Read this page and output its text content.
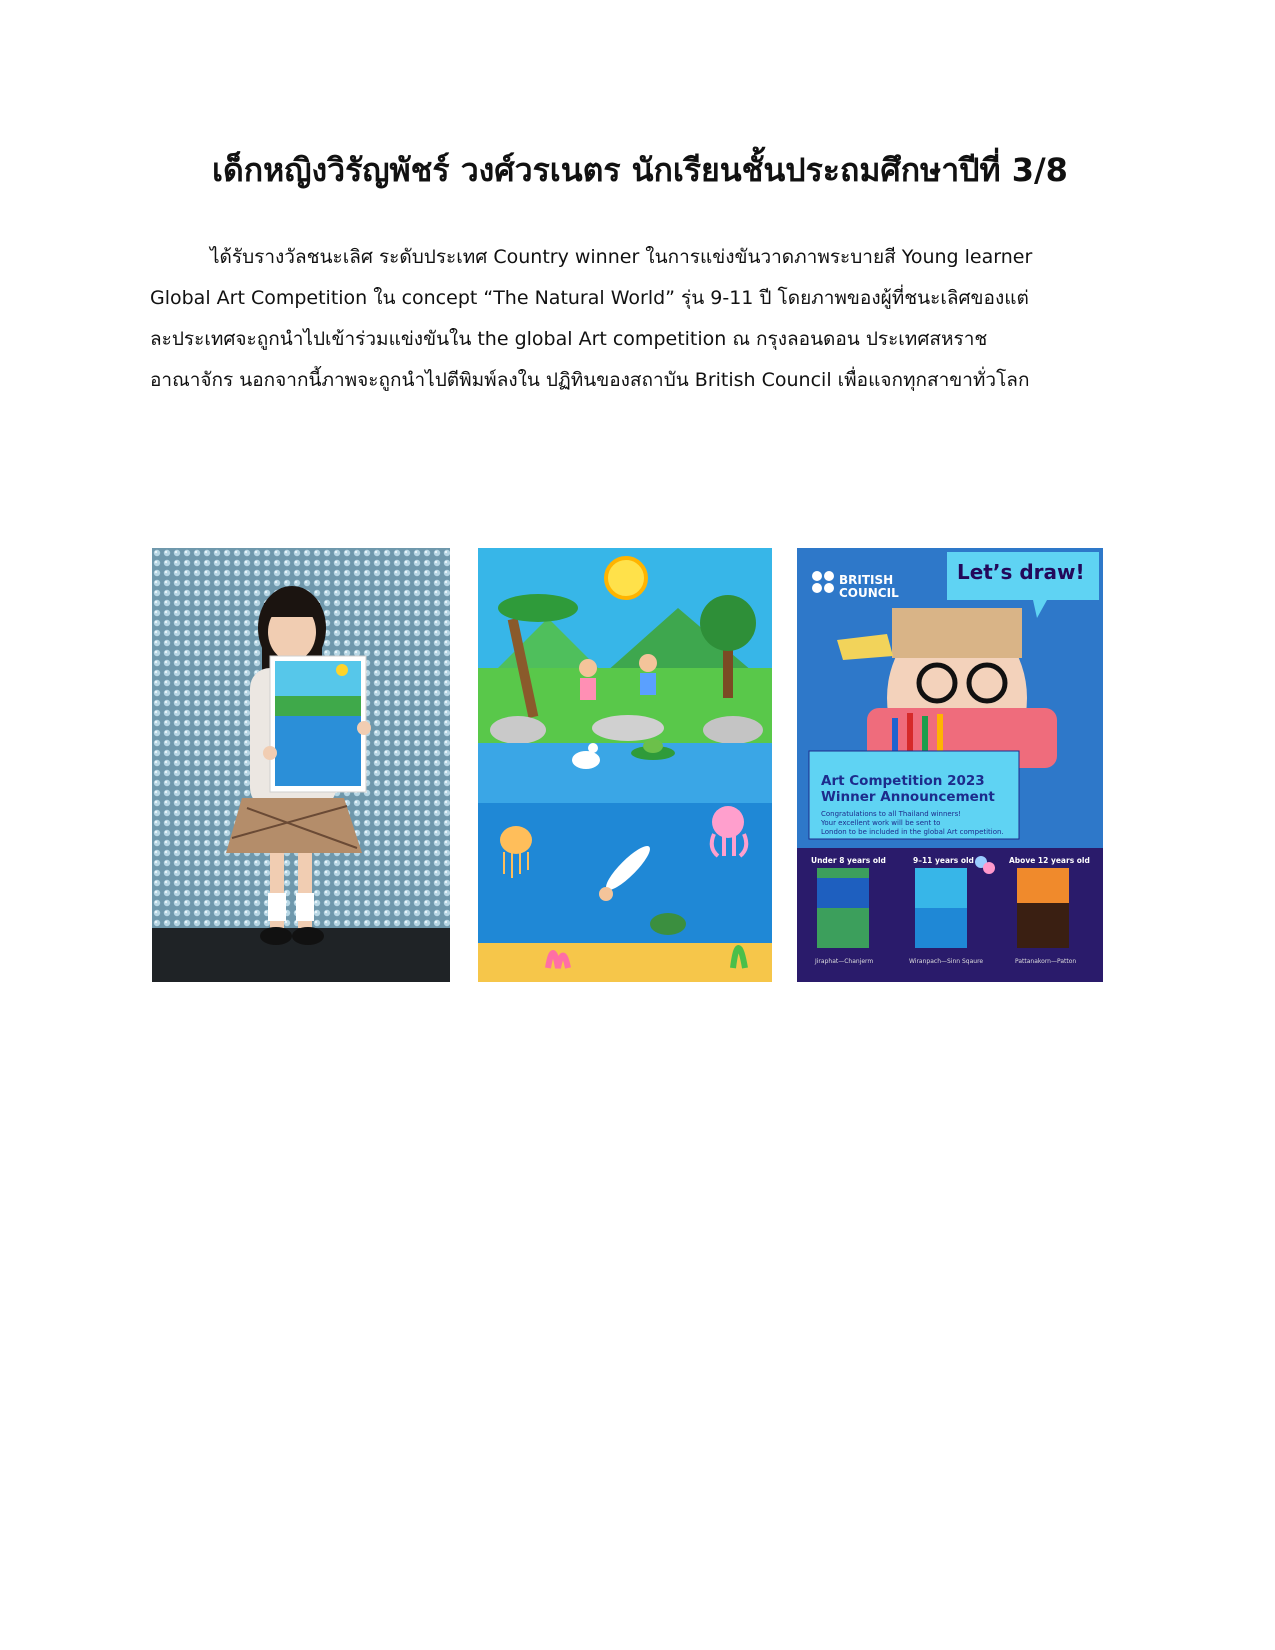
เด็กหญิงวิรัญพัชร์ วงศ์วรเนตร นักเรียนชั้นประถมศึกษาปีที่ 3/8
ได้รับรางวัลชนะเลิศ ระดับประเทศ Country winner ในการแข่งขันวาดภาพระบายสี Young learner
Global Art Competition ใน concept “The Natural World” รุ่น 9-11 ปี โดยภาพของผู้ที่ชนะเลิศของแต่
ละประเทศจะถูกนำไปเข้าร่วมแข่งขันใน the global Art competition ณ กรุงลอนดอน ประเทศสหราช
อาณาจักร นอกจากนี้ภาพจะถูกนำไปตีพิมพ์ลงใน ปฏิทินของสถาบัน British Council เพื่อแจกทุกสาขาทั่วโลก
BRITISH
COUNCIL
Let’s draw!
Art Competition 2023
Winner Announcement
Congratulations to all Thailand winners!
Your excellent work will be sent to
London to be included in the global Art competition.
Under 8 years old	9–11 years old	Above 12 years old
Jiraphat—Chanjerm	Wiranpach—Sinn Sqaure	Pattanakorn—Patton
